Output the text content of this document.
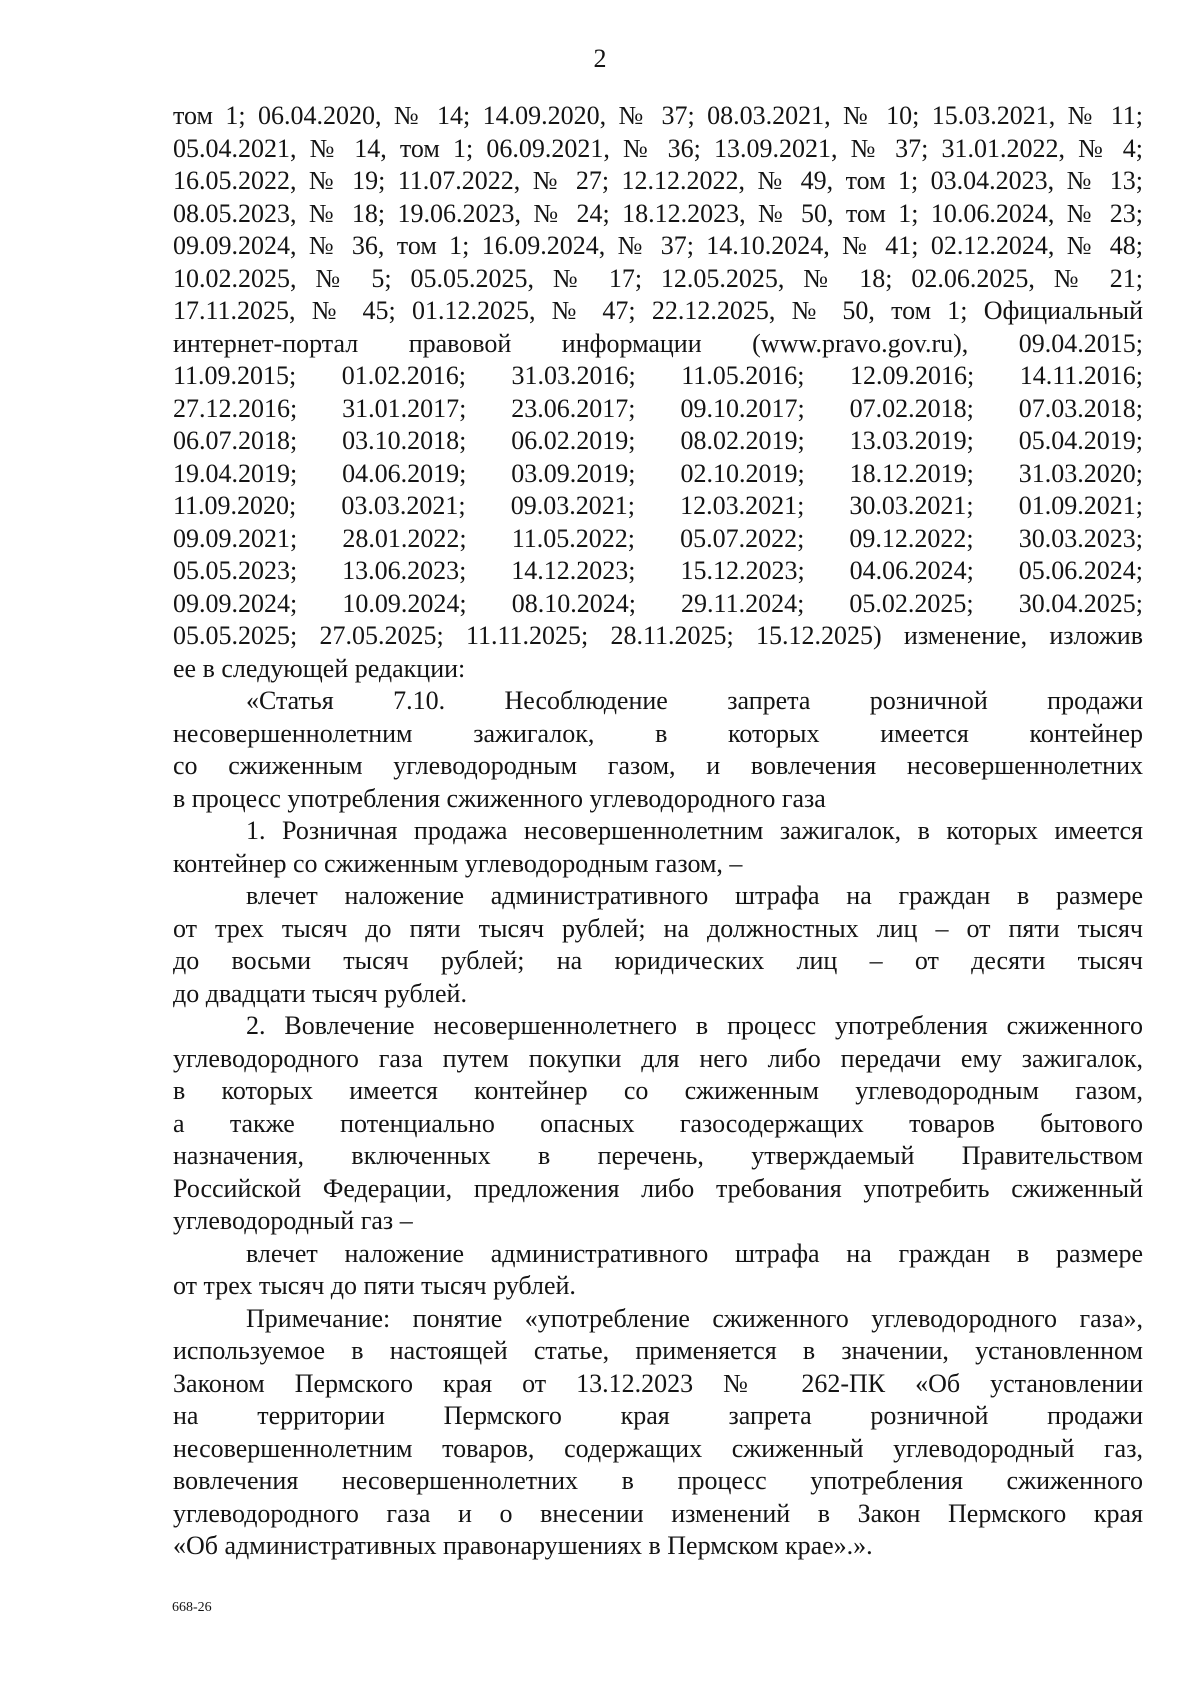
2
том 1; 06.04.2020, № 14; 14.09.2020, № 37; 08.03.2021, № 10; 15.03.2021, № 11;
05.04.2021, № 14, том 1; 06.09.2021, № 36; 13.09.2021, № 37; 31.01.2022, № 4;
16.05.2022, № 19; 11.07.2022, № 27; 12.12.2022, № 49, том 1; 03.04.2023, № 13;
08.05.2023, № 18; 19.06.2023, № 24; 18.12.2023, № 50, том 1; 10.06.2024, № 23;
09.09.2024, № 36, том 1; 16.09.2024, № 37; 14.10.2024, № 41; 02.12.2024, № 48;
10.02.2025, № 5; 05.05.2025, № 17; 12.05.2025, № 18; 02.06.2025, № 21;
17.11.2025, № 45; 01.12.2025, № 47; 22.12.2025, № 50, том 1; Официальный
интернет-портал правовой информации (www.pravo.gov.ru), 09.04.2015;
11.09.2015; 01.02.2016; 31.03.2016; 11.05.2016; 12.09.2016; 14.11.2016;
27.12.2016; 31.01.2017; 23.06.2017; 09.10.2017; 07.02.2018; 07.03.2018;
06.07.2018; 03.10.2018; 06.02.2019; 08.02.2019; 13.03.2019; 05.04.2019;
19.04.2019; 04.06.2019; 03.09.2019; 02.10.2019; 18.12.2019; 31.03.2020;
11.09.2020; 03.03.2021; 09.03.2021; 12.03.2021; 30.03.2021; 01.09.2021;
09.09.2021; 28.01.2022; 11.05.2022; 05.07.2022; 09.12.2022; 30.03.2023;
05.05.2023; 13.06.2023; 14.12.2023; 15.12.2023; 04.06.2024; 05.06.2024;
09.09.2024; 10.09.2024; 08.10.2024; 29.11.2024; 05.02.2025; 30.04.2025;
05.05.2025; 27.05.2025; 11.11.2025; 28.11.2025; 15.12.2025) изменение, изложив
ее в следующей редакции:
«Статья 7.10. Несоблюдение запрета розничной продажи
несовершеннолетним зажигалок, в которых имеется контейнер
со сжиженным углеводородным газом, и вовлечения несовершеннолетних
в процесс употребления сжиженного углеводородного газа
1. Розничная продажа несовершеннолетним зажигалок, в которых имеется
контейнер со сжиженным углеводородным газом, –
влечет наложение административного штрафа на граждан в размере
от трех тысяч до пяти тысяч рублей; на должностных лиц – от пяти тысяч
до восьми тысяч рублей; на юридических лиц – от десяти тысяч
до двадцати тысяч рублей.
2. Вовлечение несовершеннолетнего в процесс употребления сжиженного
углеводородного газа путем покупки для него либо передачи ему зажигалок,
в которых имеется контейнер со сжиженным углеводородным газом,
а также потенциально опасных газосодержащих товаров бытового
назначения, включенных в перечень, утверждаемый Правительством
Российской Федерации, предложения либо требования употребить сжиженный
углеводородный газ –
влечет наложение административного штрафа на граждан в размере
от трех тысяч до пяти тысяч рублей.
Примечание: понятие «употребление сжиженного углеводородного газа»,
используемое в настоящей статье, применяется в значении, установленном
Законом Пермского края от 13.12.2023 № 262-ПК «Об установлении
на территории Пермского края запрета розничной продажи
несовершеннолетним товаров, содержащих сжиженный углеводородный газ,
вовлечения несовершеннолетних в процесс употребления сжиженного
углеводородного газа и о внесении изменений в Закон Пермского края
«Об административных правонарушениях в Пермском крае».».
668-26
